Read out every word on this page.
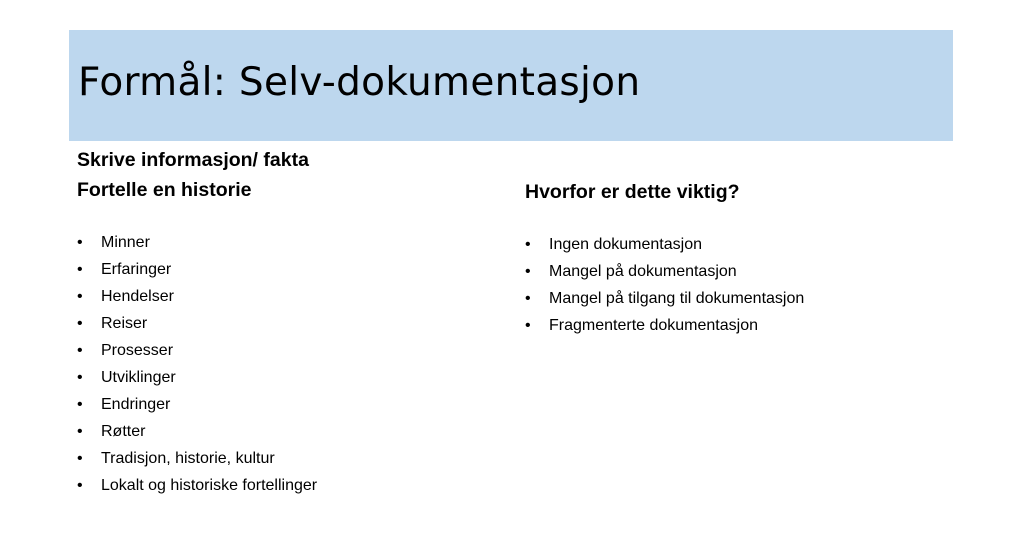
Formål: Selv-dokumentasjon

Skrive informasjon/ fakta

Fortelle en historie

• Minner
• Erfaringer
• Hendelser
• Reiser
• Prosesser
• Utviklinger
• Endringer
• Røtter
• Tradisjon, historie, kultur
• Lokalt og historiske fortellinger

Hvorfor er dette viktig?

• Ingen dokumentasjon
• Mangel på dokumentasjon
• Mangel på tilgang til dokumentasjon
• Fragmenterte dokumentasjon
